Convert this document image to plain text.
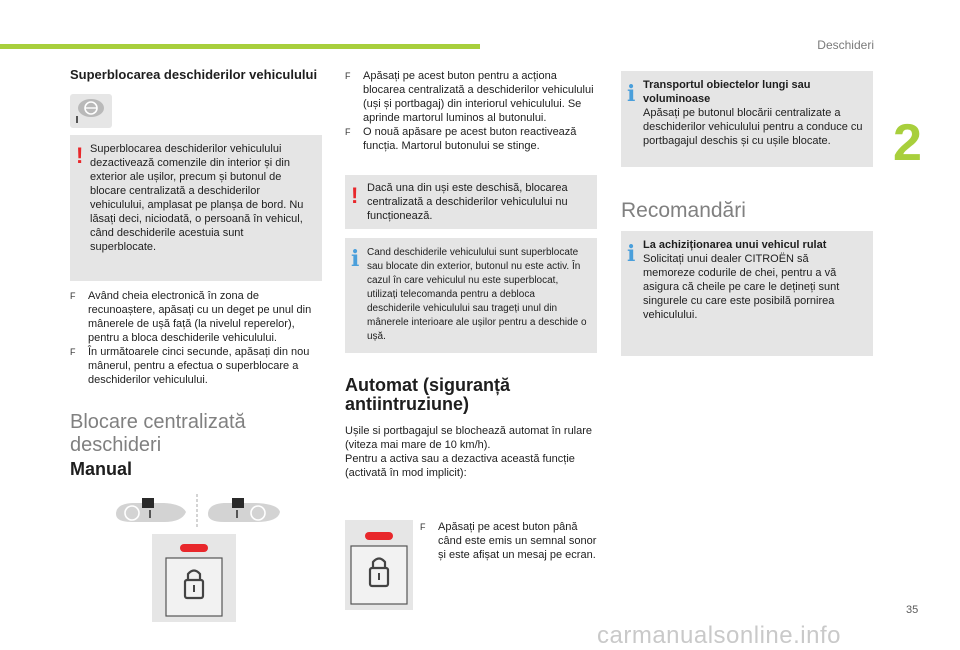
Deschideri
2
35
carmanualsonline.info
Superblocarea deschiderilor vehiculului
! Superblocarea deschiderilor vehiculului dezactivează comenzile din interior și din exterior ale ușilor, precum și butonul de blocare centralizată a deschiderilor vehiculului, amplasat pe planșa de bord. Nu lăsați deci, niciodată, o persoană în vehicul, când deschiderile acestuia sunt superblocate.
F Având cheia electronică în zona de recunoaștere, apăsați cu un deget pe unul din mânerele de ușă față (la nivelul reperelor), pentru a bloca deschiderile vehiculului.
F În următoarele cinci secunde, apăsați din nou mânerul, pentru a efectua o superblocare a deschiderilor vehiculului.
Blocare centralizată deschideri
Manual
F Apăsați pe acest buton pentru a acționa blocarea centralizată a deschiderilor vehiculului (uși și portbagaj) din interiorul vehiculului. Se aprinde martorul luminos al butonului.
F O nouă apăsare pe acest buton reactivează funcția. Martorul butonului se stinge.
! Dacă una din uși este deschisă, blocarea centralizată a deschiderilor vehiculului nu funcționează.
i Cand deschiderile vehiculului sunt superblocate sau blocate din exterior, butonul nu este activ. În cazul în care vehiculul nu este superblocat, utilizați telecomanda pentru a debloca deschiderile vehiculului sau trageți unul din mânerele interioare ale ușilor pentru a deschide o ușă.
Automat (siguranță antiintruziune)
Ușile si portbagajul se blochează automat în rulare (viteza mai mare de 10 km/h).
Pentru a activa sau a dezactiva această funcție (activată în mod implicit):
F Apăsați pe acest buton până când este emis un semnal sonor și este afișat un mesaj pe ecran.
i Transportul obiectelor lungi sau voluminoase
Apăsați pe butonul blocării centralizate a deschiderilor vehiculului pentru a conduce cu portbagajul deschis și cu ușile blocate.
Recomandări
i La achiziționarea unui vehicul rulat
Solicitați unui dealer CITROËN să memoreze codurile de chei, pentru a vă asigura că cheile pe care le dețineți sunt singurele cu care este posibilă pornirea vehiculului.
